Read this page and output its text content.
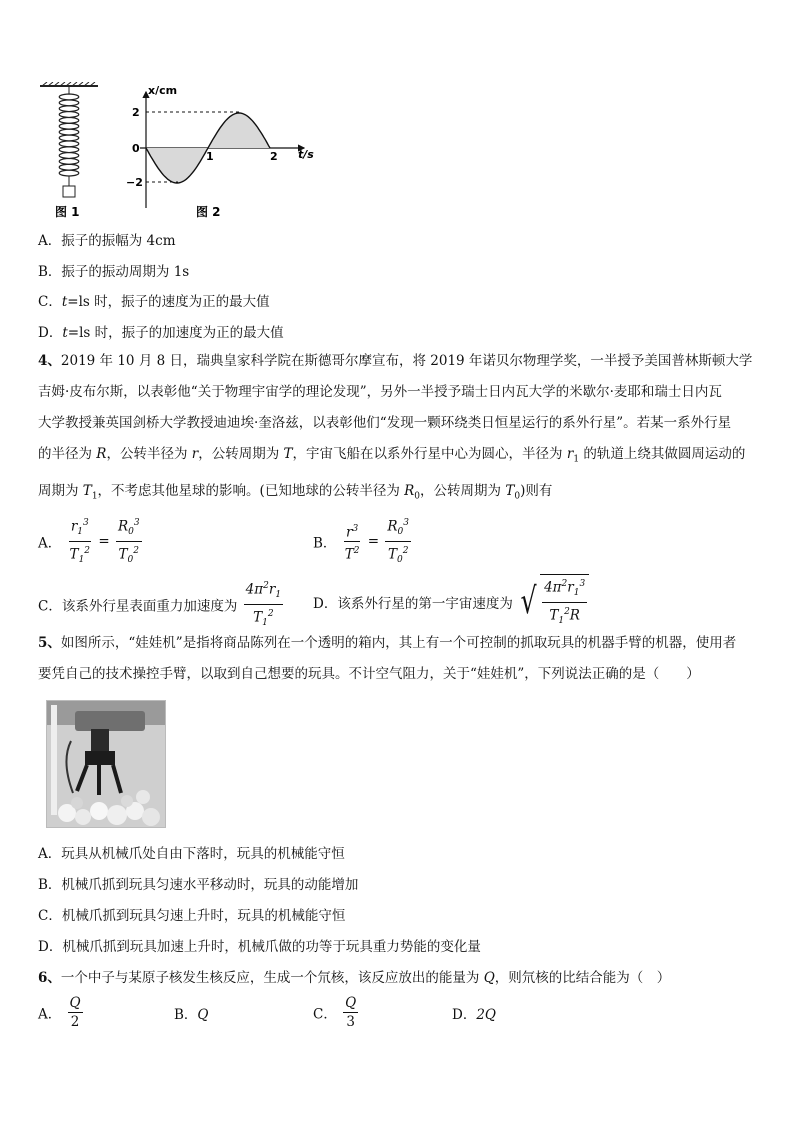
图 1
x/cm
t/s
2
−2
0
1	2
图 2
A．振子的振幅为 4cm
B．振子的振动周期为 1s
C．t=ls 时，振子的速度为正的最大值
D．t=ls 时，振子的加速度为正的最大值
4、2019 年 10 月 8 日，瑞典皇家科学院在斯德哥尔摩宣布，将 2019 年诺贝尔物理学奖，一半授予美国普林斯顿大学
吉姆·皮布尔斯，以表彰他“关于物理宇宙学的理论发现”，另外一半授予瑞士日内瓦大学的米歇尔·麦耶和瑞士日内瓦
大学教授兼英国剑桥大学教授迪迪埃·奎洛兹，以表彰他们“发现一颗环绕类日恒星运行的系外行星”。若某一系外行星
的半径为 R，公转半径为 r，公转周期为 T，宇宙飞船在以系外行星中心为圆心，半径为 $r_1$ 的轨道上绕其做圆周运动的
周期为 $T_1$，不考虑其他星球的影响。(已知地球的公转半径为 $R_0$，公转周期为 $T_0$)则有
A． $\frac{r_1^3}{T_1^2} = \frac{R_0^3}{T_0^2}$	B． $\frac{r^3}{T^2} = \frac{R_0^3}{T_0^2}$
C．该系外行星表面重力加速度为 $\frac{4\pi^2r_1}{T_1^2}$ D．该系外行星的第一宇宙速度为 √ $\frac{4\pi^2r_1^3}{T_1^2R}$
5、如图所示，“娃娃机”是指将商品陈列在一个透明的箱内，其上有一个可控制的抓取玩具的机器手臂的机器，使用者
要凭自己的技术操控手臂，以取到自己想要的玩具。不计空气阻力，关于“娃娃机”，下列说法正确的是（　　）
A．玩具从机械爪处自由下落时，玩具的机械能守恒
B．机械爪抓到玩具匀速水平移动时，玩具的动能增加
C．机械爪抓到玩具匀速上升时，玩具的机械能守恒
D．机械爪抓到玩具加速上升时，机械爪做的功等于玩具重力势能的变化量
6、一个中子与某原子核发生核反应，生成一个氘核，该反应放出的能量为 Q，则氘核的比结合能为（　）
A． $\frac{Q}{2}$	B．Q	C． $\frac{Q}{3}$	D．2Q
